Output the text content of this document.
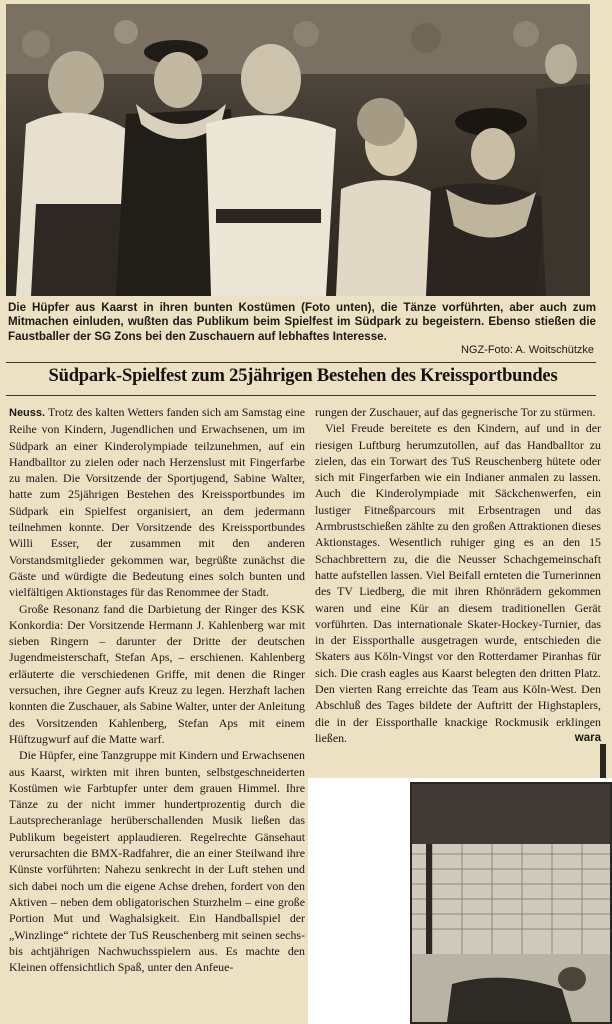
Die Hüpfer aus Kaarst in ihren bunten Kostümen (Foto unten), die Tänze vorführten, aber auch zum Mitmachen einluden, wußten das Publikum beim Spielfest im Südpark zu begeistern. Ebenso stießen die Faustballer der SG Zons bei den Zuschauern auf lebhaftes Interesse.
NGZ-Foto: A. Woitschützke
Südpark-Spielfest zum 25jährigen Bestehen des Kreissportbundes

Neuss. Trotz des kalten Wetters fanden sich am Samstag eine Reihe von Kindern, Jugendlichen und Erwachsenen, um im Südpark an einer Kinderolympiade teilzunehmen, auf ein Handballtor zu zielen oder nach Herzenslust mit Fingerfarbe zu malen. Die Vorsitzende der Sportjugend, Sabine Walter, hatte zum 25jährigen Bestehen des Kreissportbundes im Südpark ein Spielfest organisiert, an dem jedermann teilnehmen konnte. Der Vorsitzende des Kreissportbundes Willi Esser, der zusammen mit den anderen Vorstandsmitglieder gekommen war, begrüßte zunächst die Gäste und würdigte die Bedeutung eines solch bunten und vielfältigen Aktionstages für das Renommee der Stadt.

Große Resonanz fand die Darbietung der Ringer des KSK Konkordia: Der Vorsitzende Hermann J. Kahlenberg war mit sieben Ringern – darunter der Dritte der deutschen Jugendmeisterschaft, Stefan Aps, – erschienen. Kahlenberg erläuterte die verschiedenen Griffe, mit denen die Ringer versuchen, ihre Gegner aufs Kreuz zu legen. Herzhaft lachen konnten die Zuschauer, als Sabine Walter, unter der Anleitung des Vorsitzenden Kahlenberg, Stefan Aps mit einem Hüftzugwurf auf die Matte warf.

Die Hüpfer, eine Tanzgruppe mit Kindern und Erwachsenen aus Kaarst, wirkten mit ihren bunten, selbstgeschneiderten Kostümen wie Farbtupfer unter dem grauen Himmel. Ihre Tänze zu der nicht immer hundertprozentig durch die Lautsprecheranlage herüberschallenden Musik ließen das Publikum begeistert applaudieren. Regelrechte Gänsehaut verursachten die BMX-Radfahrer, die an einer Steilwand ihre Künste vorführten: Nahezu senkrecht in der Luft stehen und sich dabei noch um die eigene Achse drehen, fordert von den Aktiven – neben dem obligatorischen Sturzhelm – eine große Portion Mut und Waghalsigkeit. Ein Handballspiel der „Winzlinge“ richtete der TuS Reuschenberg mit seinen sechs- bis achtjährigen Nachwuchsspielern aus. Es machte den Kleinen offensichtlich Spaß, unter den Anfeue-

rungen der Zuschauer, auf das gegnerische Tor zu stürmen.

Viel Freude bereitete es den Kindern, auf und in der riesigen Luftburg herumzutollen, auf das Handballtor zu zielen, das ein Torwart des TuS Reuschenberg hütete oder sich mit Fingerfarben wie ein Indianer anmalen zu lassen. Auch die Kinderolympiade mit Säckchenwerfen, ein lustiger Fitneßparcours mit Erbsentragen und das Armbrustschießen zählte zu den großen Attraktionen dieses Aktionstages. Wesentlich ruhiger ging es an den 15 Schachbrettern zu, die die Neusser Schachgemeinschaft hatte aufstellen lassen. Viel Beifall ernteten die Turnerinnen des TV Liedberg, die mit ihren Rhönrädern gekommen waren und eine Kür an diesem traditionellen Gerät vorführten. Das internationale Skater-Hockey-Turnier, das in der Eissporthalle ausgetragen wurde, entschieden die Skaters aus Köln-Vingst vor den Rotterdamer Piranhas für sich. Die crash eagles aus Kaarst belegten den dritten Platz. Den vierten Rang erreichte das Team aus Köln-West. Den Abschluß des Tages bildete der Auftritt der Highstaplers, die in der Eissporthalle knackige Rockmusik erklingen ließen.	wara
